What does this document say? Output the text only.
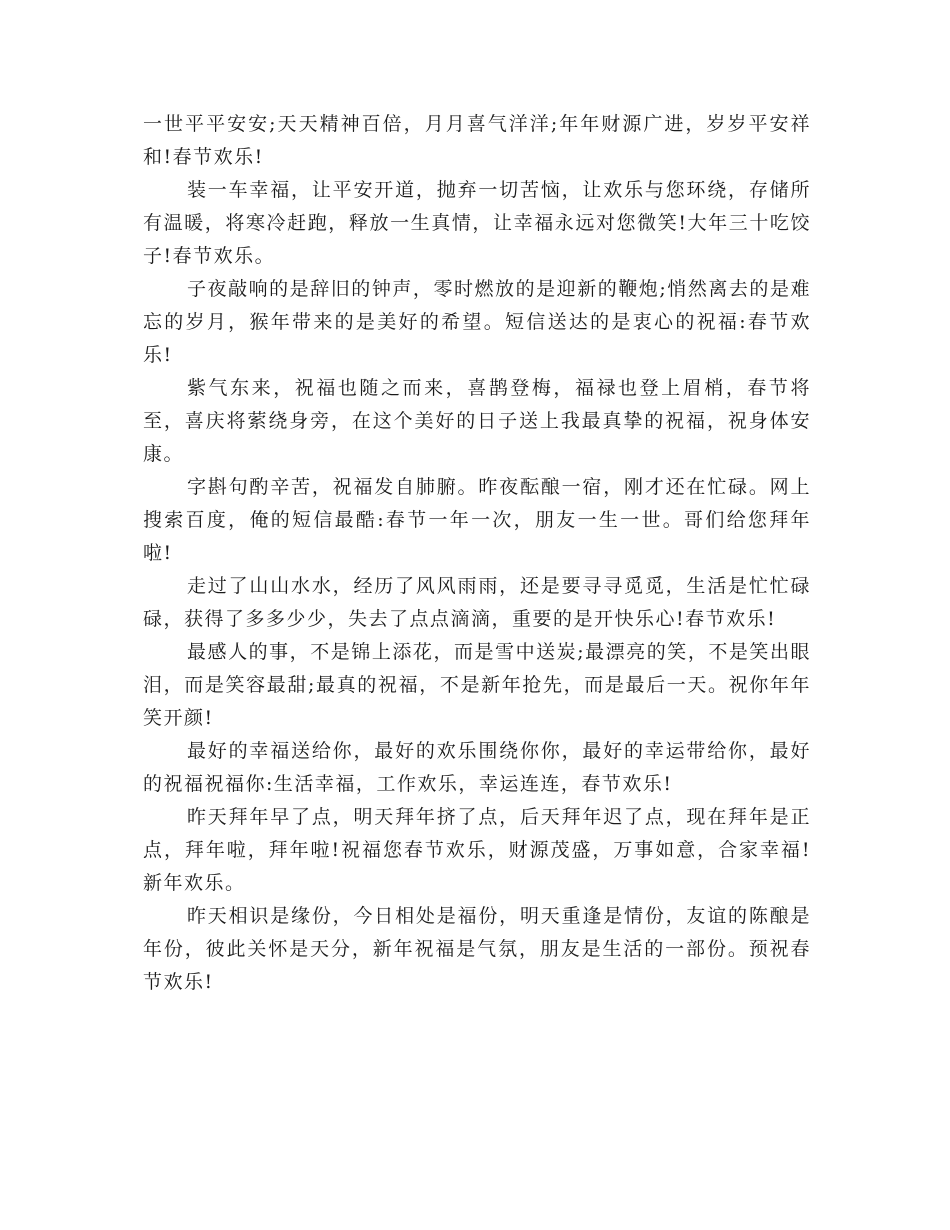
一世平平安安;天天精神百倍，月月喜气洋洋;年年财源广进，岁岁平安祥和!春节欢乐!

装一车幸福，让平安开道，抛弃一切苦恼，让欢乐与您环绕，存储所有温暖，将寒冷赶跑，释放一生真情，让幸福永远对您微笑!大年三十吃饺子!春节欢乐。

子夜敲响的是辞旧的钟声，零时燃放的是迎新的鞭炮;悄然离去的是难忘的岁月，猴年带来的是美好的希望。短信送达的是衷心的祝福:春节欢乐!

紫气东来，祝福也随之而来，喜鹊登梅，福禄也登上眉梢，春节将至，喜庆将萦绕身旁，在这个美好的日子送上我最真挚的祝福，祝身体安康。

字斟句酌辛苦，祝福发自肺腑。昨夜酝酿一宿，刚才还在忙碌。网上搜索百度，俺的短信最酷:春节一年一次，朋友一生一世。哥们给您拜年啦!

走过了山山水水，经历了风风雨雨，还是要寻寻觅觅，生活是忙忙碌碌，获得了多多少少，失去了点点滴滴，重要的是开快乐心!春节欢乐!

最感人的事，不是锦上添花，而是雪中送炭;最漂亮的笑，不是笑出眼泪，而是笑容最甜;最真的祝福，不是新年抢先，而是最后一天。祝你年年笑开颜!

最好的幸福送给你，最好的欢乐围绕你你，最好的幸运带给你，最好的祝福祝福你:生活幸福，工作欢乐，幸运连连，春节欢乐!

昨天拜年早了点，明天拜年挤了点，后天拜年迟了点，现在拜年是正点，拜年啦，拜年啦!祝福您春节欢乐，财源茂盛，万事如意，合家幸福!新年欢乐。

昨天相识是缘份，今日相处是福份，明天重逢是情份，友谊的陈酿是年份，彼此关怀是天分，新年祝福是气氛，朋友是生活的一部份。预祝春节欢乐!
